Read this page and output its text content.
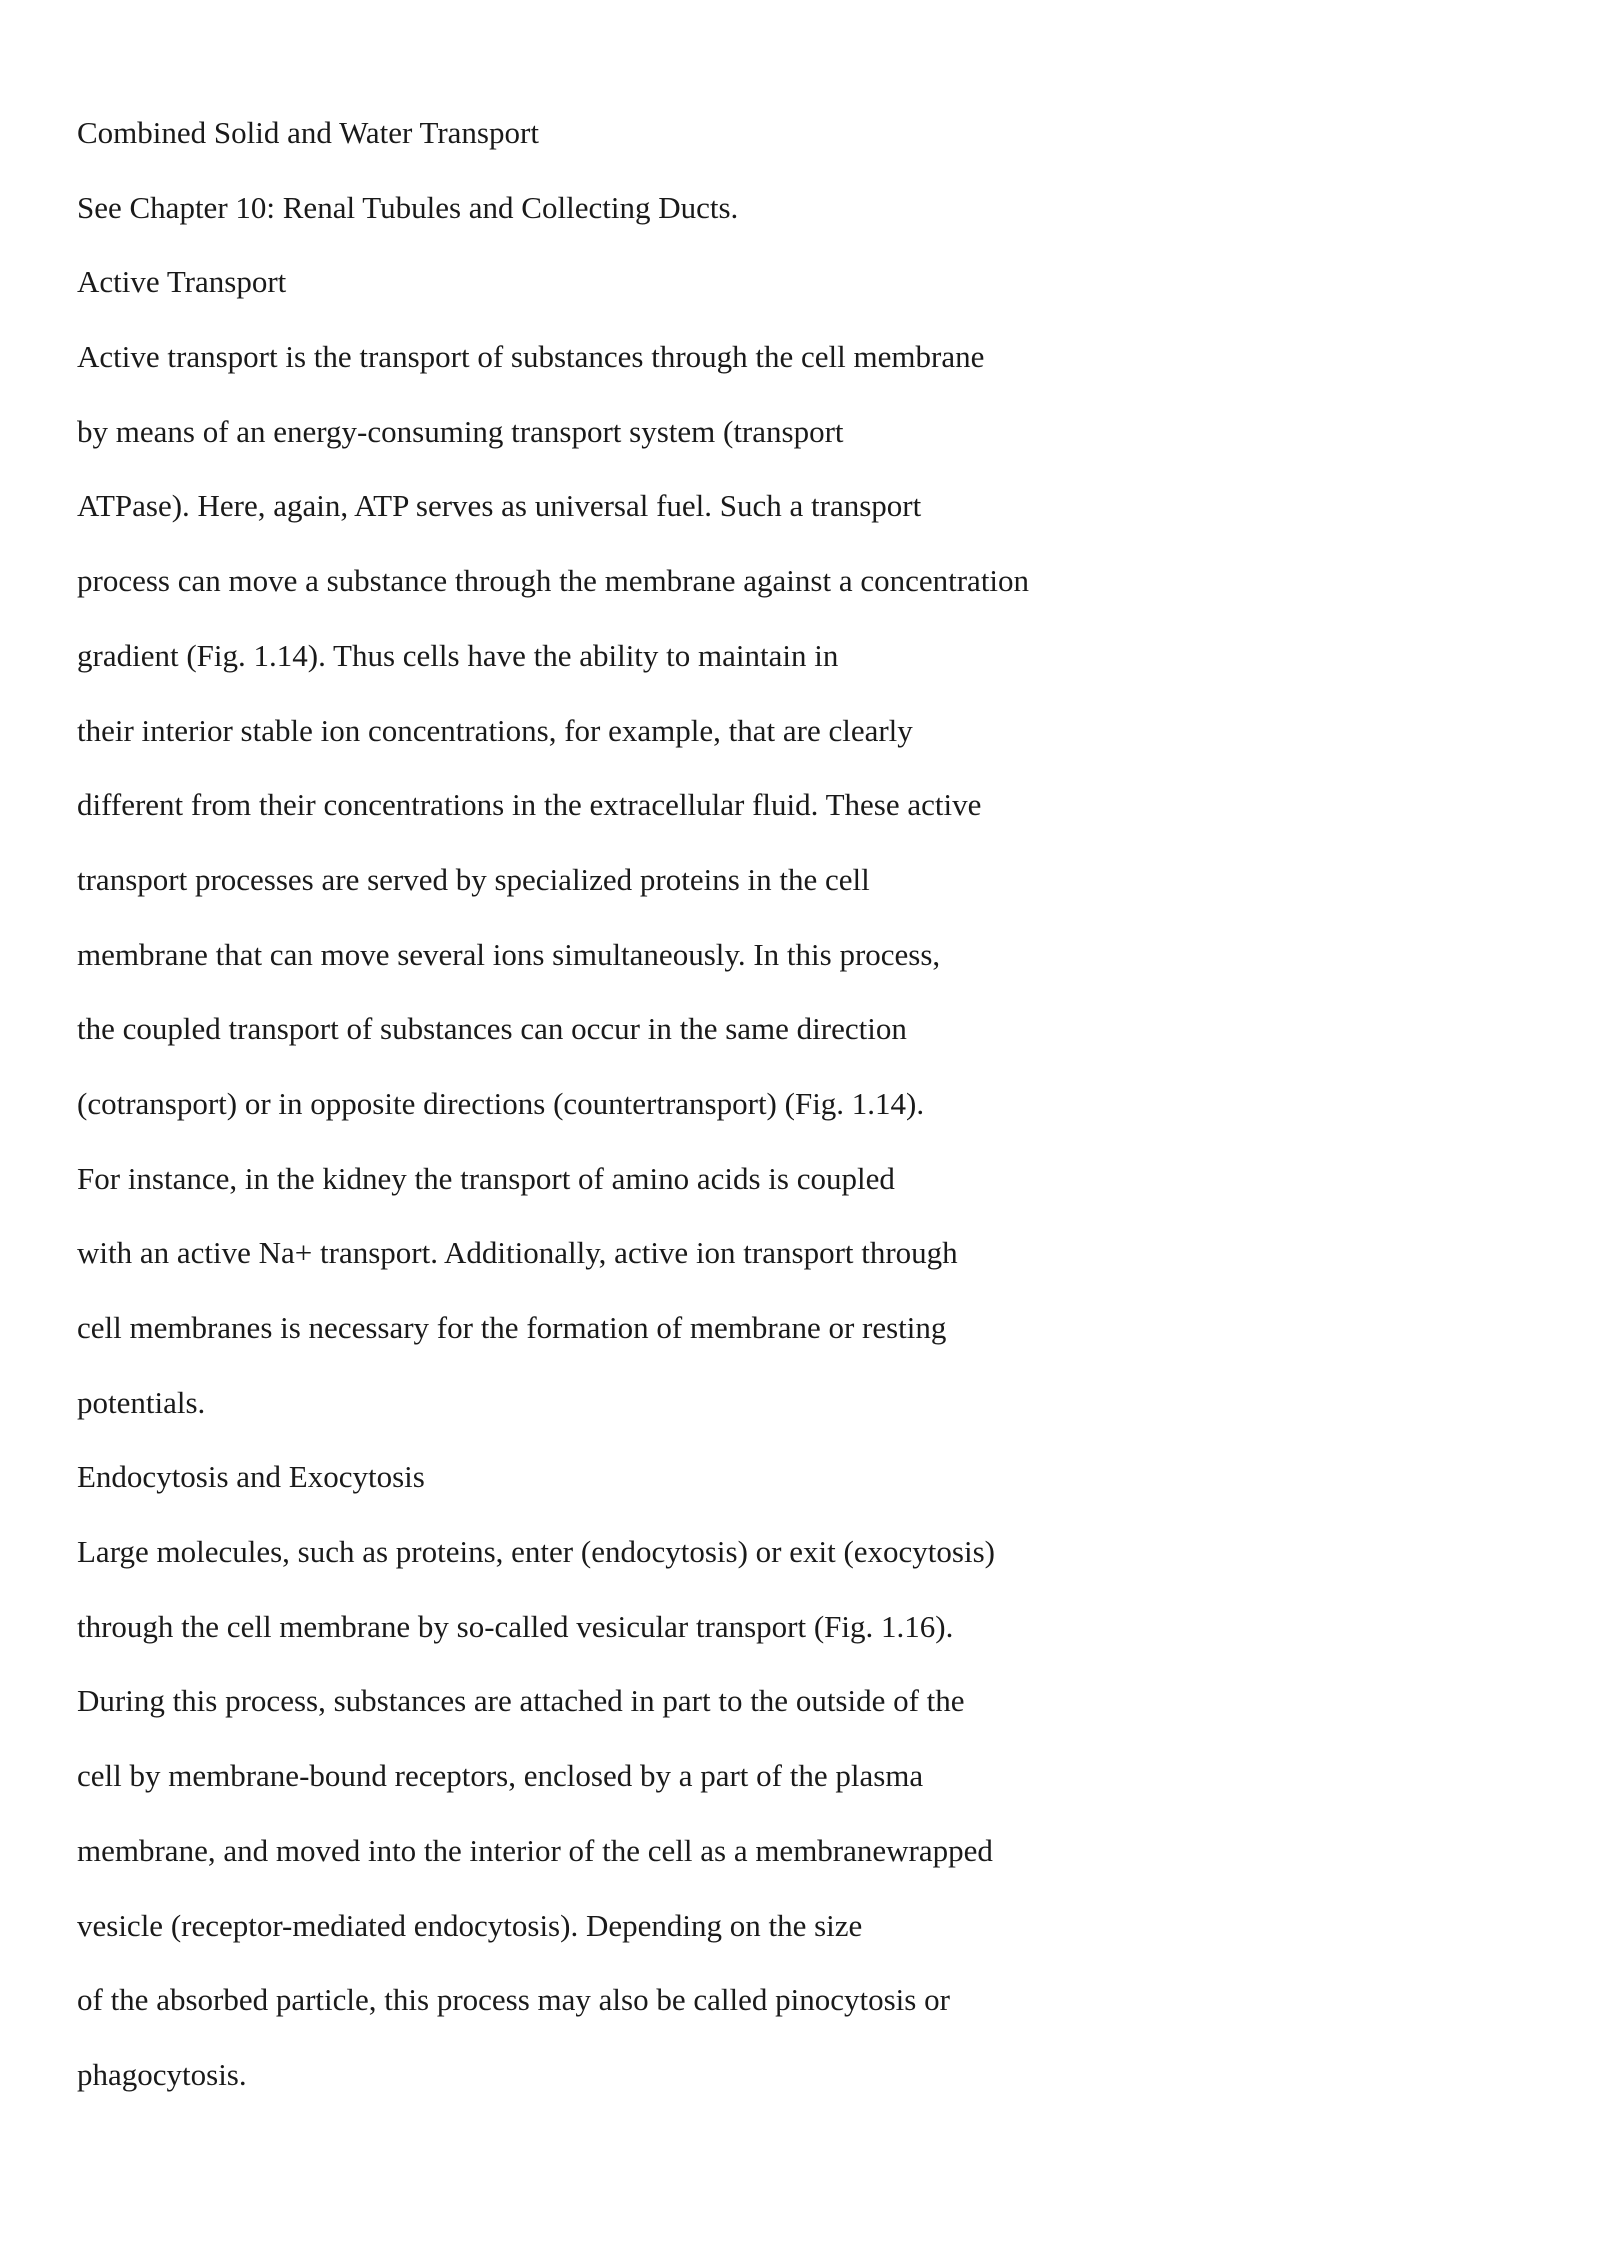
Combined Solid and Water Transport

See Chapter 10: Renal Tubules and Collecting Ducts.

Active Transport

Active transport is the transport of substances through the cell membrane

by means of an energy-consuming transport system (transport

ATPase). Here, again, ATP serves as universal fuel. Such a transport

process can move a substance through the membrane against a concentration

gradient (Fig. 1.14). Thus cells have the ability to maintain in

their interior stable ion concentrations, for example, that are clearly

different from their concentrations in the extracellular fluid. These active

transport processes are served by specialized proteins in the cell

membrane that can move several ions simultaneously. In this process,

the coupled transport of substances can occur in the same direction

(cotransport) or in opposite directions (countertransport) (Fig. 1.14).

For instance, in the kidney the transport of amino acids is coupled

with an active Na+ transport. Additionally, active ion transport through

cell membranes is necessary for the formation of membrane or resting

potentials.

Endocytosis and Exocytosis

Large molecules, such as proteins, enter (endocytosis) or exit (exocytosis)

through the cell membrane by so-called vesicular transport (Fig. 1.16).

During this process, substances are attached in part to the outside of the

cell by membrane-bound receptors, enclosed by a part of the plasma

membrane, and moved into the interior of the cell as a membranewrapped

vesicle (receptor-mediated endocytosis). Depending on the size

of the absorbed particle, this process may also be called pinocytosis or

phagocytosis.
